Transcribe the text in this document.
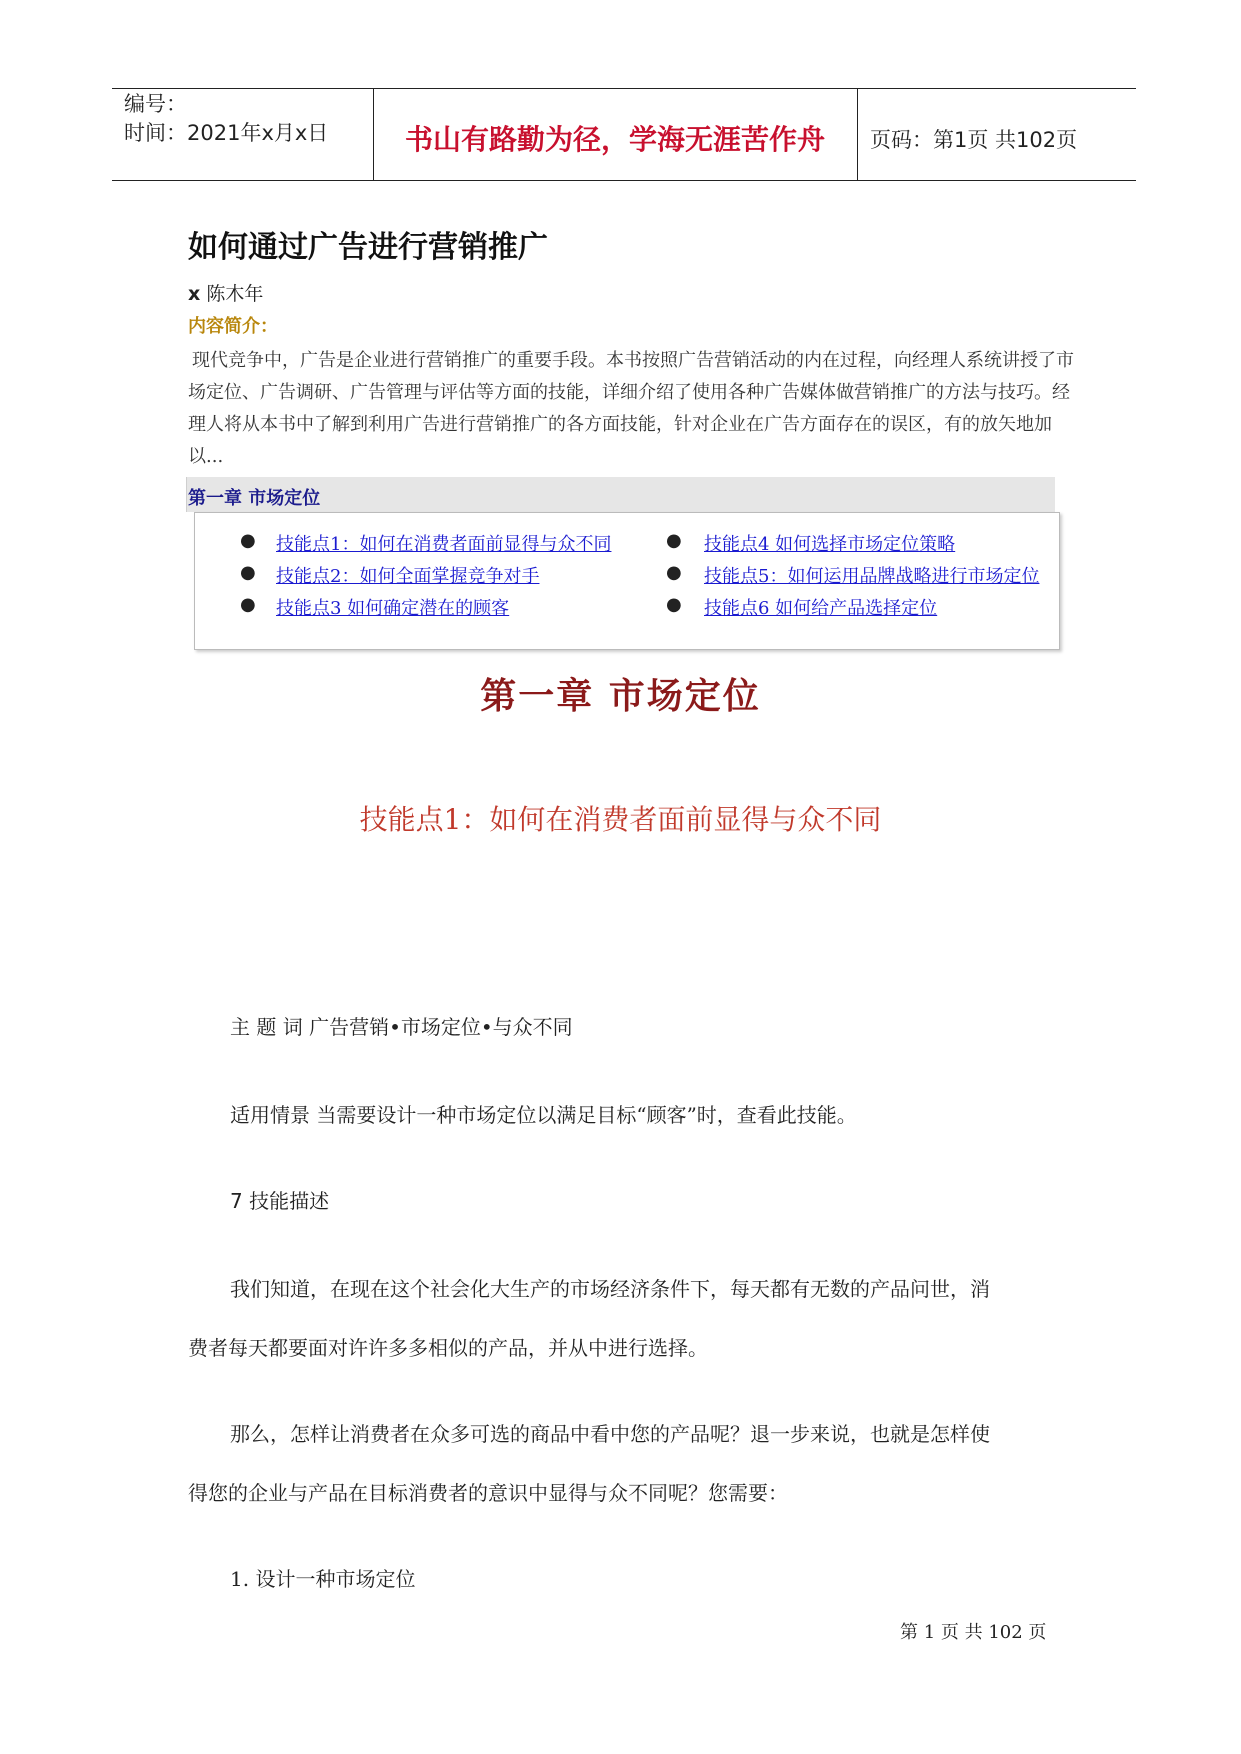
编号：
时间：2021年x月x日	书山有路勤为径，学海无涯苦作舟	页码：第1页 共102页
如何通过广告进行营销推广
x 陈木年
内容简介：
现代竞争中，广告是企业进行营销推广的重要手段。本书按照广告营销活动的内在过程，向经理人系统讲授了市场定位、广告调研、广告管理与评估等方面的技能，详细介绍了使用各种广告媒体做营销推广的方法与技巧。经理人将从本书中了解到利用广告进行营销推广的各方面技能，针对企业在广告方面存在的误区，有的放矢地加以...
第一章 市场定位
● 技能点1：如何在消费者面前显得与众不同
● 技能点2：如何全面掌握竞争对手
● 技能点3 如何确定潜在的顾客
● 技能点4 如何选择市场定位策略
● 技能点5：如何运用品牌战略进行市场定位
● 技能点6 如何给产品选择定位
第一章 市场定位
技能点1：如何在消费者面前显得与众不同
主 题 词 广告营销•市场定位•与众不同
适用情景 当需要设计一种市场定位以满足目标“顾客”时，查看此技能。
7 技能描述
我们知道，在现在这个社会化大生产的市场经济条件下，每天都有无数的产品问世，消
费者每天都要面对许许多多相似的产品，并从中进行选择。
那么，怎样让消费者在众多可选的商品中看中您的产品呢？退一步来说，也就是怎样使
得您的企业与产品在目标消费者的意识中显得与众不同呢？您需要：
1. 设计一种市场定位
第 1 页 共 102 页
